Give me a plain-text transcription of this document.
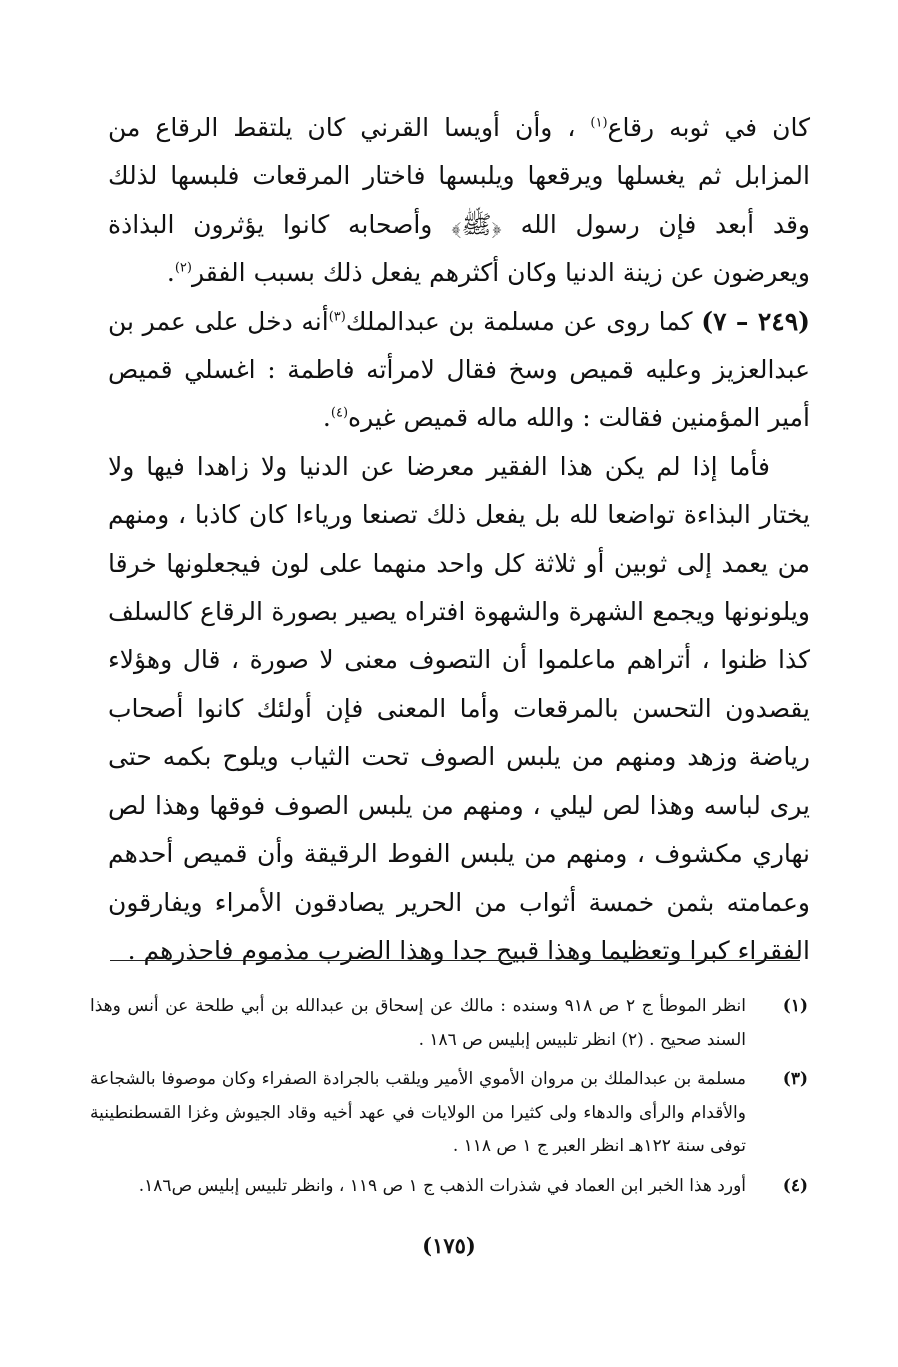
كان في ثوبه رقاع$^{(١)}$ ، وأن أويسا القرني كان يلتقط الرقاع من المزابل ثم يغسلها ويرقعها ويلبسها فاختار المرقعات فلبسها لذلك وقد أبعد فإن رسول الله ﴿ﷺ﴾ وأصحابه كانوا يؤثرون البذاذة ويعرضون عن زينة الدنيا وكان أكثرهم يفعل ذلك بسبب الفقر$^{(٢)}$.

(٢٤٩ – ٧) كما روى عن مسلمة بن عبدالملك$^{(٣)}$أنه دخل على عمر بن عبدالعزيز وعليه قميص وسخ فقال لامرأته فاطمة : اغسلي قميص أمير المؤمنين فقالت : والله ماله قميص غيره$^{(٤)}$.

فأما إذا لم يكن هذا الفقير معرضا عن الدنيا ولا زاهدا فيها ولا يختار البذاءة تواضعا لله بل يفعل ذلك تصنعا ورياءا كان كاذبا ، ومنهم من يعمد إلى ثوبين أو ثلاثة كل واحد منهما على لون فيجعلونها خرقا ويلونونها ويجمع الشهرة والشهوة افتراه يصير بصورة الرقاع كالسلف كذا ظنوا ، أتراهم ماعلموا أن التصوف معنى لا صورة ، قال وهؤلاء يقصدون التحسن بالمرقعات وأما المعنى فإن أولئك كانوا أصحاب رياضة وزهد ومنهم من يلبس الصوف تحت الثياب ويلوح بكمه حتى يرى لباسه وهذا لص ليلي ، ومنهم من يلبس الصوف فوقها وهذا لص نهاري مكشوف ، ومنهم من يلبس الفوط الرقيقة وأن قميص أحدهم وعمامته بثمن خمسة أثواب من الحرير يصادقون الأمراء ويفارقون الفقراء كبرا وتعظيما وهذا قبيح جدا وهذا الضرب مذموم فاحذرهم .

(١)
انظر الموطأ ج ٢ ص ٩١٨ وسنده : مالك عن إسحاق بن عبدالله بن أبي طلحة عن أنس وهذا السند صحيح . (٢) انظر تلبيس إبليس ص ١٨٦ .
(٣)
مسلمة بن عبدالملك بن مروان الأموي الأمير ويلقب بالجرادة الصفراء وكان موصوفا بالشجاعة والأقدام والرأى والدهاء ولى كثيرا من الولايات في عهد أخيه وقاد الجيوش وغزا القسطنطينية توفى سنة ١٢٢هـ انظر العبر ج ١ ص ١١٨ .
(٤)
أورد هذا الخبر ابن العماد في شذرات الذهب ج ١ ص ١١٩ ، وانظر تلبيس إبليس ص١٨٦.
(١٧٥)
